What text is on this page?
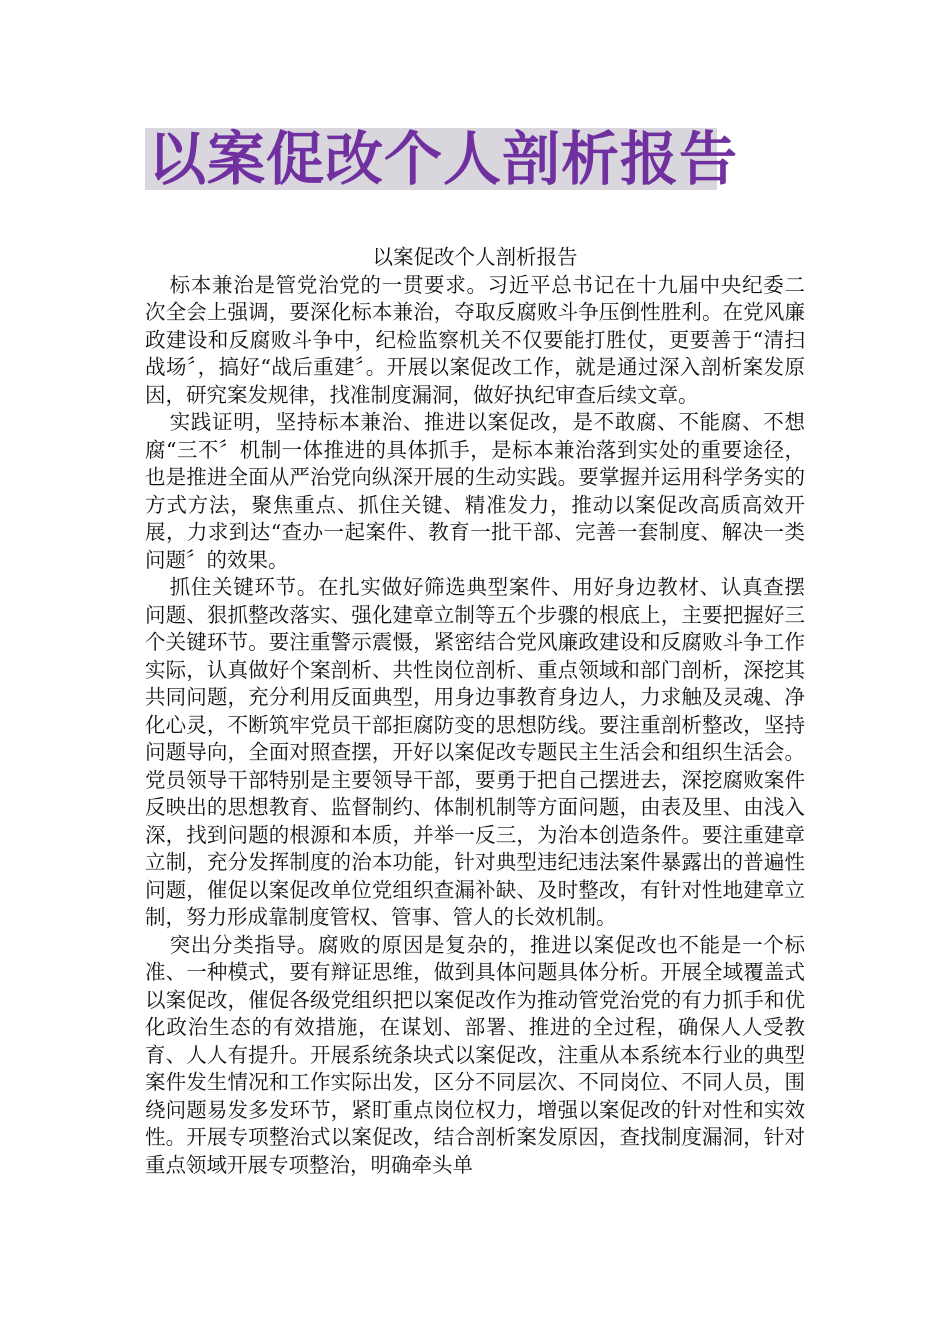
以案促改个人剖析报告
以案促改个人剖析报告

标本兼治是管党治党的一贯要求。习近平总书记在十九届中央纪委二次全会上强调，要深化标本兼治，夺取反腐败斗争压倒性胜利。在党风廉政建设和反腐败斗争中，纪检监察机关不仅要能打胜仗，更要善于“清扫战场〞，搞好“战后重建〞。开展以案促改工作，就是通过深入剖析案发原因，研究案发规律，找准制度漏洞，做好执纪审查后续文章。

实践证明，坚持标本兼治、推进以案促改，是不敢腐、不能腐、不想腐“三不〞机制一体推进的具体抓手，是标本兼治落到实处的重要途径，也是推进全面从严治党向纵深开展的生动实践。要掌握并运用科学务实的方式方法，聚焦重点、抓住关键、精准发力，推动以案促改高质高效开展，力求到达“查办一起案件、教育一批干部、完善一套制度、解决一类问题〞的效果。

抓住关键环节。在扎实做好筛选典型案件、用好身边教材、认真查摆问题、狠抓整改落实、强化建章立制等五个步骤的根底上，主要把握好三个关键环节。要注重警示震慑，紧密结合党风廉政建设和反腐败斗争工作实际，认真做好个案剖析、共性岗位剖析、重点领域和部门剖析，深挖其共同问题，充分利用反面典型，用身边事教育身边人，力求触及灵魂、净化心灵，不断筑牢党员干部拒腐防变的思想防线。要注重剖析整改，坚持问题导向，全面对照查摆，开好以案促改专题民主生活会和组织生活会。党员领导干部特别是主要领导干部，要勇于把自己摆进去，深挖腐败案件反映出的思想教育、监督制约、体制机制等方面问题，由表及里、由浅入深，找到问题的根源和本质，并举一反三，为治本创造条件。要注重建章立制，充分发挥制度的治本功能，针对典型违纪违法案件暴露出的普遍性问题，催促以案促改单位党组织查漏补缺、及时整改，有针对性地建章立制，努力形成靠制度管权、管事、管人的长效机制。

突出分类指导。腐败的原因是复杂的，推进以案促改也不能是一个标准、一种模式，要有辩证思维，做到具体问题具体分析。开展全域覆盖式以案促改，催促各级党组织把以案促改作为推动管党治党的有力抓手和优化政治生态的有效措施，在谋划、部署、推进的全过程，确保人人受教育、人人有提升。开展系统条块式以案促改，注重从本系统本行业的典型案件发生情况和工作实际出发，区分不同层次、不同岗位、不同人员，围绕问题易发多发环节，紧盯重点岗位权力，增强以案促改的针对性和实效性。开展专项整治式以案促改，结合剖析案发原因，查找制度漏洞，针对重点领域开展专项整治，明确牵头单
